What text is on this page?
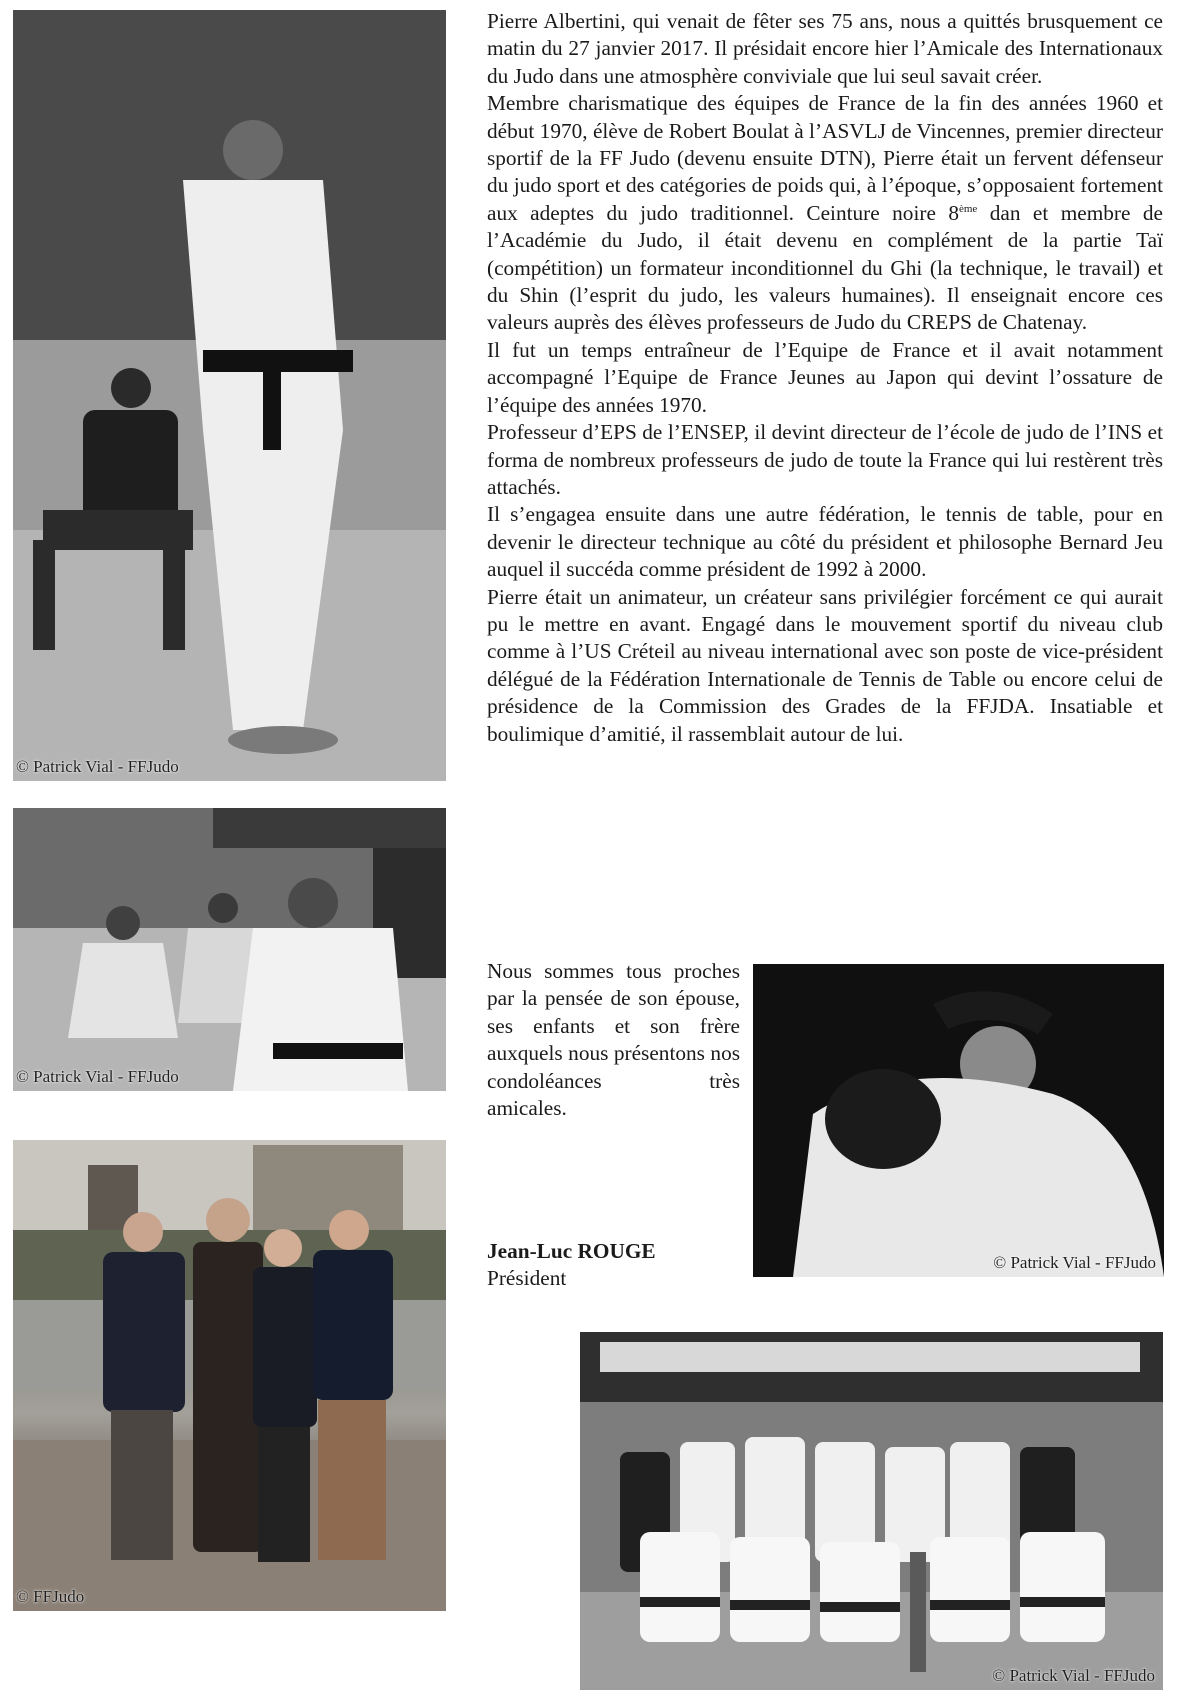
© Patrick Vial - FFJudo
© Patrick Vial - FFJudo
© FFJudo

Pierre Albertini, qui venait de fêter ses 75 ans, nous a quittés brusquement ce matin du 27 janvier 2017. Il présidait encore hier l’Amicale des Internationaux du Judo dans une atmosphère conviviale que lui seul savait créer.

Membre charismatique des équipes de France de la fin des années 1960 et début 1970, élève de Robert Boulat à l’ASVLJ de Vincennes, premier directeur sportif de la FF Judo (devenu ensuite DTN), Pierre était un fervent défenseur du judo sport et des catégories de poids qui, à l’époque, s’opposaient fortement aux adeptes du judo traditionnel. Ceinture noire 8ème dan et membre de l’Académie du Judo, il était devenu en complément de la partie Taï (compétition) un formateur inconditionnel du Ghi (la technique, le travail) et du Shin (l’esprit du judo, les valeurs humaines). Il enseignait encore ces valeurs auprès des élèves professeurs de Judo du CREPS de Chatenay.

Il fut un temps entraîneur de l’Equipe de France et il avait notamment accompagné l’Equipe de France Jeunes au Japon qui devint l’ossature de l’équipe des années 1970.

Professeur d’EPS de l’ENSEP, il devint directeur de l’école de judo de l’INS et forma de nombreux professeurs de judo de toute la France qui lui restèrent très attachés.

Il s’engagea ensuite dans une autre fédération, le tennis de table, pour en devenir le directeur technique au côté du président et philosophe Bernard Jeu auquel il succéda comme président de 1992 à 2000.

Pierre était un animateur, un créateur sans privilégier forcément ce qui aurait pu le mettre en avant. Engagé dans le mouvement sportif du niveau club comme à l’US Créteil au niveau international avec son poste de vice-président délégué de la Fédération Internationale de Tennis de Table ou encore celui de présidence de la Commission des Grades de la FFJDA. Insatiable et boulimique d’amitié, il rassemblait autour de lui.

Nous sommes tous proches par la pensée de son épouse, ses enfants et son frère auxquels nous présentons nos condoléances très

amicales.

Jean-Luc ROUGE
Président
© Patrick Vial - FFJudo
© Patrick Vial - FFJudo
